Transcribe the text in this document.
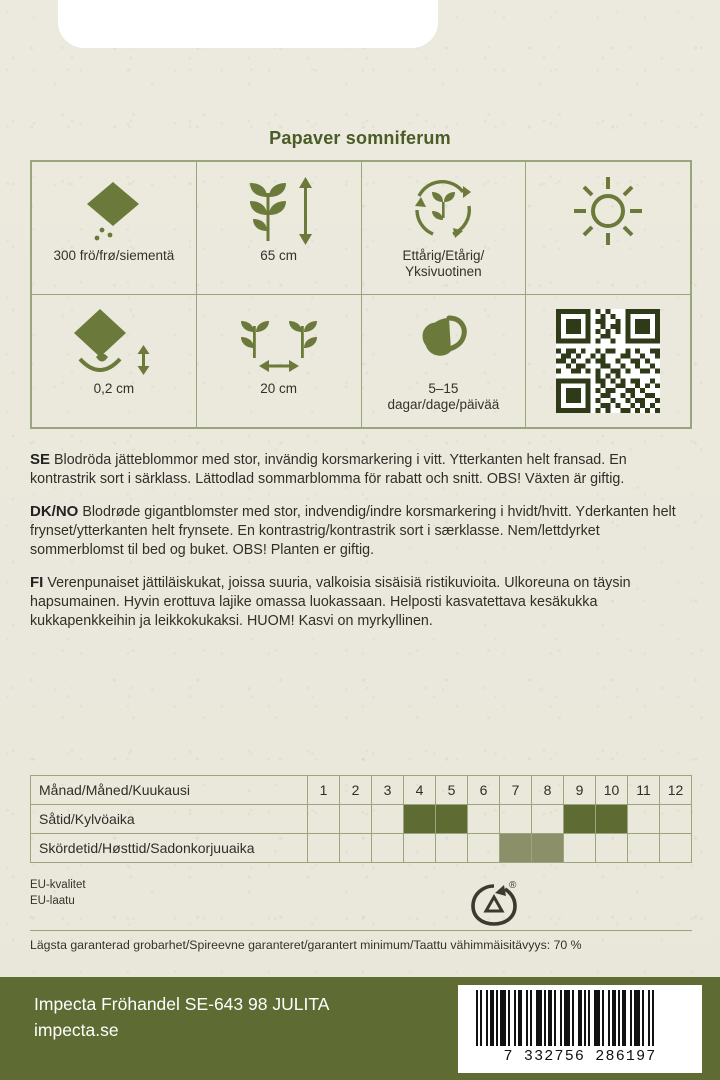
Papaver somniferum
300 frö/frø/siementä	65 cm	Ettårig/Etårig/
Yksivuotinen

0,2 cm	20 cm	5–15
dagar/dage/päivää

SE Blodröda jätteblommor med stor, invändig korsmarkering i vitt. Ytterkanten helt fransad. En kontrastrik sort i särklass. Lättodlad sommarblomma för rabatt och snitt. OBS! Växten är giftig.

DK/NO Blodrøde gigantblomster med stor, indvendig/indre korsmarkering i hvidt/hvitt. Yderkanten helt frynset/ytterkanten helt frynsete. En kontrastrig/kontrastrik sort i særklasse. Nem/lettdyrket sommerblomst til bed og buket. OBS! Planten er giftig.

FI Verenpunaiset jättiläiskukat, joissa suuria, valkoisia sisäisiä ristikuvioita. Ulkoreuna on täysin hapsumainen. Hyvin erottuva lajike omassa luokassaan. Helposti kasvatettava kesäkukka kukkapenkkeihin ja leikkokukaksi. HUOM! Kasvi on myrkyllinen.

Månad/Måned/Kuukausi	1	2	3	4	5	6	7	8	9	10	11	12
Såtid/Kylvöaika												
Skördetid/Høsttid/Sadonkorjuuaika												
EU-kvalitet
EU-laatu
®
Lägsta garanterad grobarhet/Spireevne garanteret/garantert minimum/Taattu vähimmäisitävyys: 70 %
Impecta Fröhandel SE-643 98 JULITA
impecta.se
7 332756 286197
